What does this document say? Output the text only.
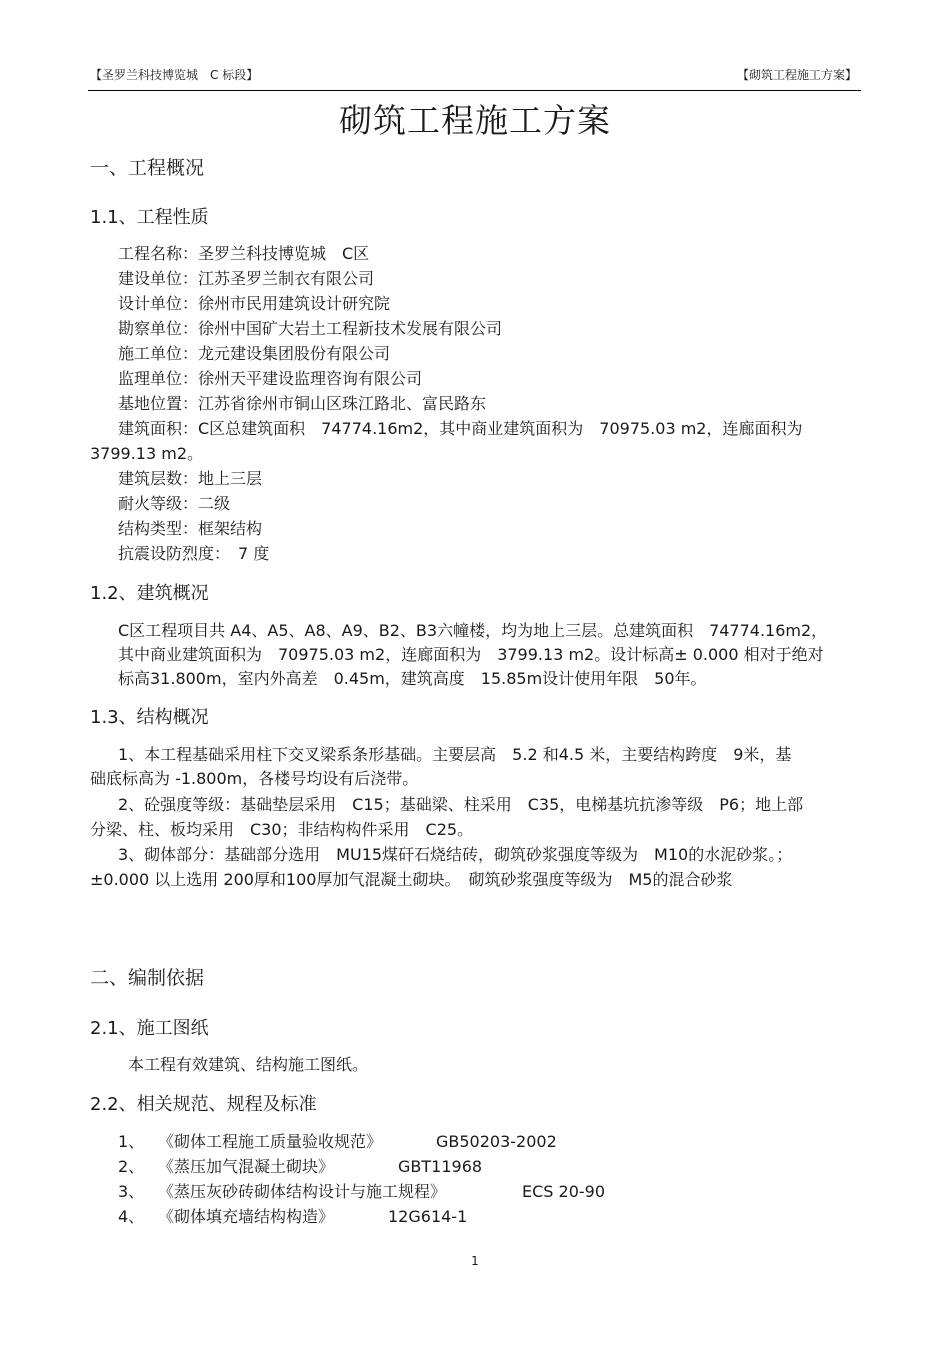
【圣罗兰科技博览城　C 标段】	【砌筑工程施工方案】
砌筑工程施工方案
一、工程概况
1.1、工程性质
工程名称：圣罗兰科技博览城　C区
建设单位：江苏圣罗兰制衣有限公司
设计单位：徐州市民用建筑设计研究院
勘察单位：徐州中国矿大岩土工程新技术发展有限公司
施工单位：龙元建设集团股份有限公司
监理单位：徐州天平建设监理咨询有限公司
基地位置：江苏省徐州市铜山区珠江路北、富民路东
建筑面积：C区总建筑面积　74774.16m2，其中商业建筑面积为　70975.03 m2，连廊面积为
3799.13 m2。
建筑层数：地上三层
耐火等级：二级
结构类型：框架结构
抗震设防烈度：　7 度
1.2、建筑概况
C区工程项目共 A4、A5、A8、A9、B2、B3六幢楼，均为地上三层。总建筑面积　74774.16m2，
其中商业建筑面积为　70975.03 m2，连廊面积为　3799.13 m2。设计标高± 0.000 相对于绝对
标高31.800m，室内外高差　0.45m，建筑高度　15.85m设计使用年限　50年。
1.3、结构概况
1、本工程基础采用柱下交叉梁系条形基础。主要层高　5.2 和4.5 米，主要结构跨度　9米，基
础底标高为 -1.800m，各楼号均设有后浇带。
2、砼强度等级：基础垫层采用　C15；基础梁、柱采用　C35，电梯基坑抗渗等级　P6；地上部
分梁、柱、板均采用　C30；非结构构件采用　C25。
3、砌体部分：基础部分选用　MU15煤矸石烧结砖，砌筑砂浆强度等级为　M10的水泥砂浆。；
±0.000 以上选用 200厚和100厚加气混凝土砌块。　砌筑砂浆强度等级为　M5的混合砂浆
二、编制依据
2.1、施工图纸
本工程有效建筑、结构施工图纸。
2.2、相关规范、规程及标准
1、 《砌体工程施工质量验收规范》	GB50203-2002
2、 《蒸压加气混凝土砌块》	GBT11968
3、 《蒸压灰砂砖砌体结构设计与施工规程》	ECS 20-90
4、 《砌体填充墙结构构造》	12G614-1
1
